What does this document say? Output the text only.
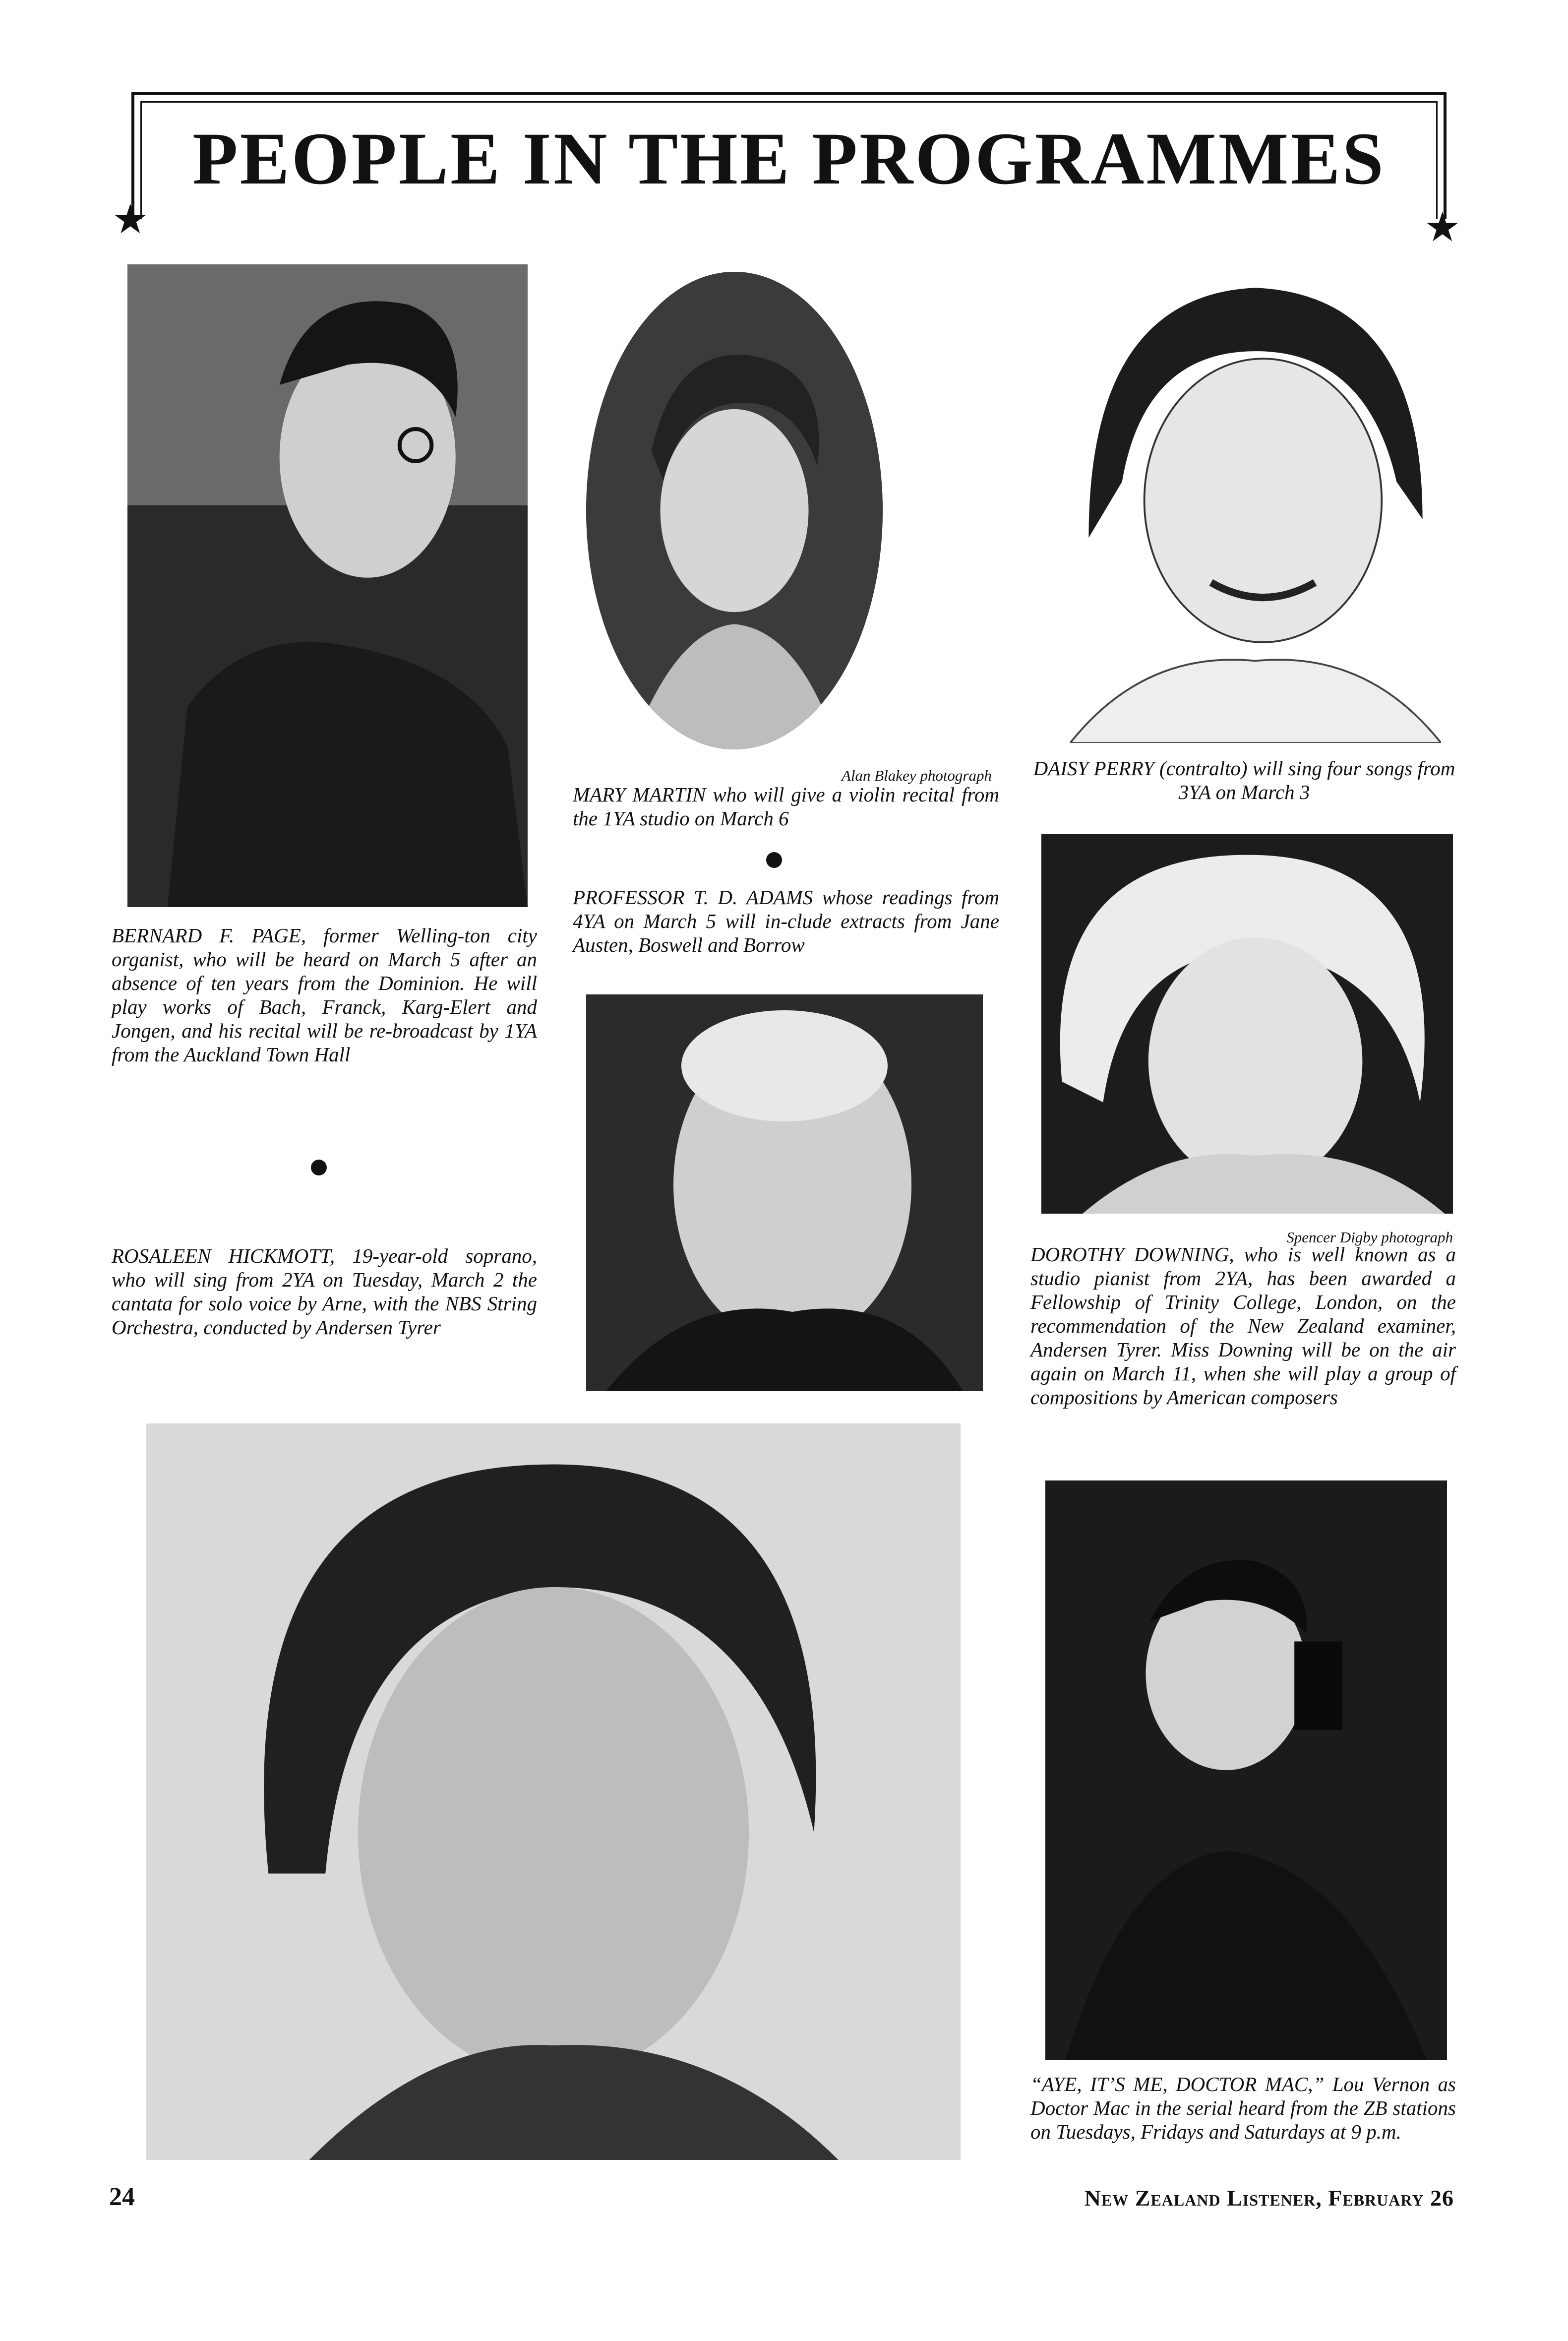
PEOPLE IN THE PROGRAMMES
★	★
Alan Blakey photograph
MARY MARTIN who will give a violin recital from the 1YA studio on March 6
DAISY PERRY (contralto) will sing four songs from 3YA on March 3
PROFESSOR T. D. ADAMS whose readings from 4YA on March 5 will in-clude extracts from Jane Austen, Boswell and Borrow
BERNARD F. PAGE, former Welling-ton city organist, who will be heard on March 5 after an absence of ten years from the Dominion. He will play works of Bach, Franck, Karg-Elert and Jongen, and his recital will be re-broadcast by 1YA from the Auckland Town Hall
Spencer Digby photograph
DOROTHY DOWNING, who is well known as a studio pianist from 2YA, has been awarded a Fellowship of Trinity College, London, on the recommendation of the New Zealand examiner, Andersen Tyrer. Miss Downing will be on the air again on March 11, when she will play a group of compositions by American composers
ROSALEEN HICKMOTT, 19-year-old soprano, who will sing from 2YA on Tuesday, March 2 the cantata for solo voice by Arne, with the NBS String Orchestra, conducted by Andersen Tyrer
“AYE, IT’S ME, DOCTOR MAC,” Lou Vernon as Doctor Mac in the serial heard from the ZB stations on Tuesdays, Fridays and Saturdays at 9 p.m.
24	New Zealand Listener, February 26
